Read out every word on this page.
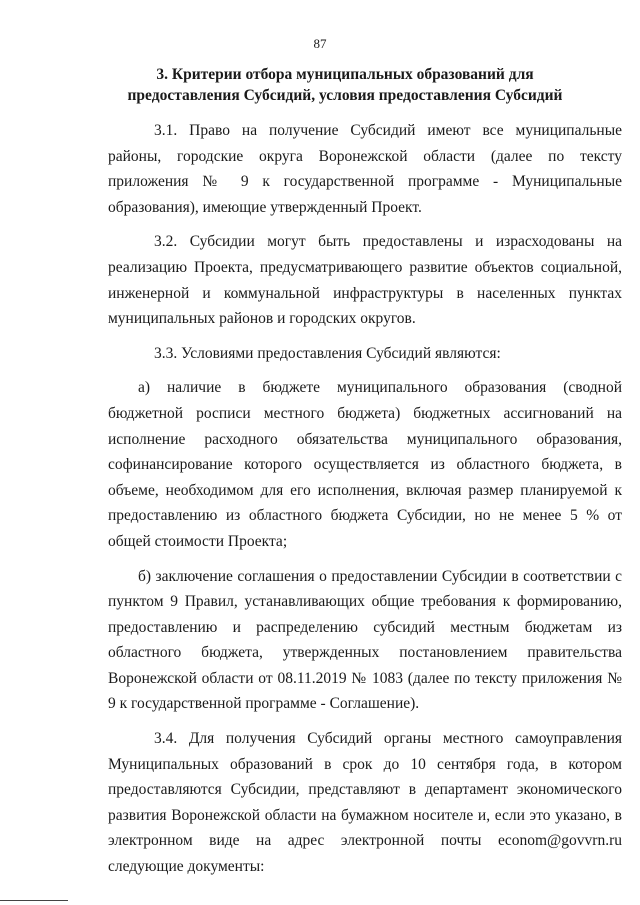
87
3. Критерии отбора муниципальных образований для предоставления Субсидий, условия предоставления Субсидий

3.1. Право на получение Субсидий имеют все муниципальные районы, городские округа Воронежской области (далее по тексту приложения № 9 к государственной программе - Муниципальные образования), имеющие утвержденный Проект.

3.2. Субсидии могут быть предоставлены и израсходованы на реализацию Проекта, предусматривающего развитие объектов социальной, инженерной и коммунальной инфраструктуры в населенных пунктах муниципальных районов и городских округов.

3.3. Условиями предоставления Субсидий являются:

а) наличие в бюджете муниципального образования (сводной бюджетной росписи местного бюджета) бюджетных ассигнований на исполнение расходного обязательства муниципального образования, софинансирование которого осуществляется из областного бюджета, в объеме, необходимом для его исполнения, включая размер планируемой к предоставлению из областного бюджета Субсидии, но не менее 5 % от общей стоимости Проекта;

б) заключение соглашения о предоставлении Субсидии в соответствии с пунктом 9 Правил, устанавливающих общие требования к формированию, предоставлению и распределению субсидий местным бюджетам из областного бюджета, утвержденных постановлением правительства Воронежской области от 08.11.2019 № 1083 (далее по тексту приложения № 9 к государственной программе - Соглашение).

3.4. Для получения Субсидий органы местного самоуправления Муниципальных образований в срок до 10 сентября года, в котором предоставляются Субсидии, представляют в департамент экономического развития Воронежской области на бумажном носителе и, если это указано, в электронном виде на адрес электронной почты econom@govvrn.ru следующие документы:
